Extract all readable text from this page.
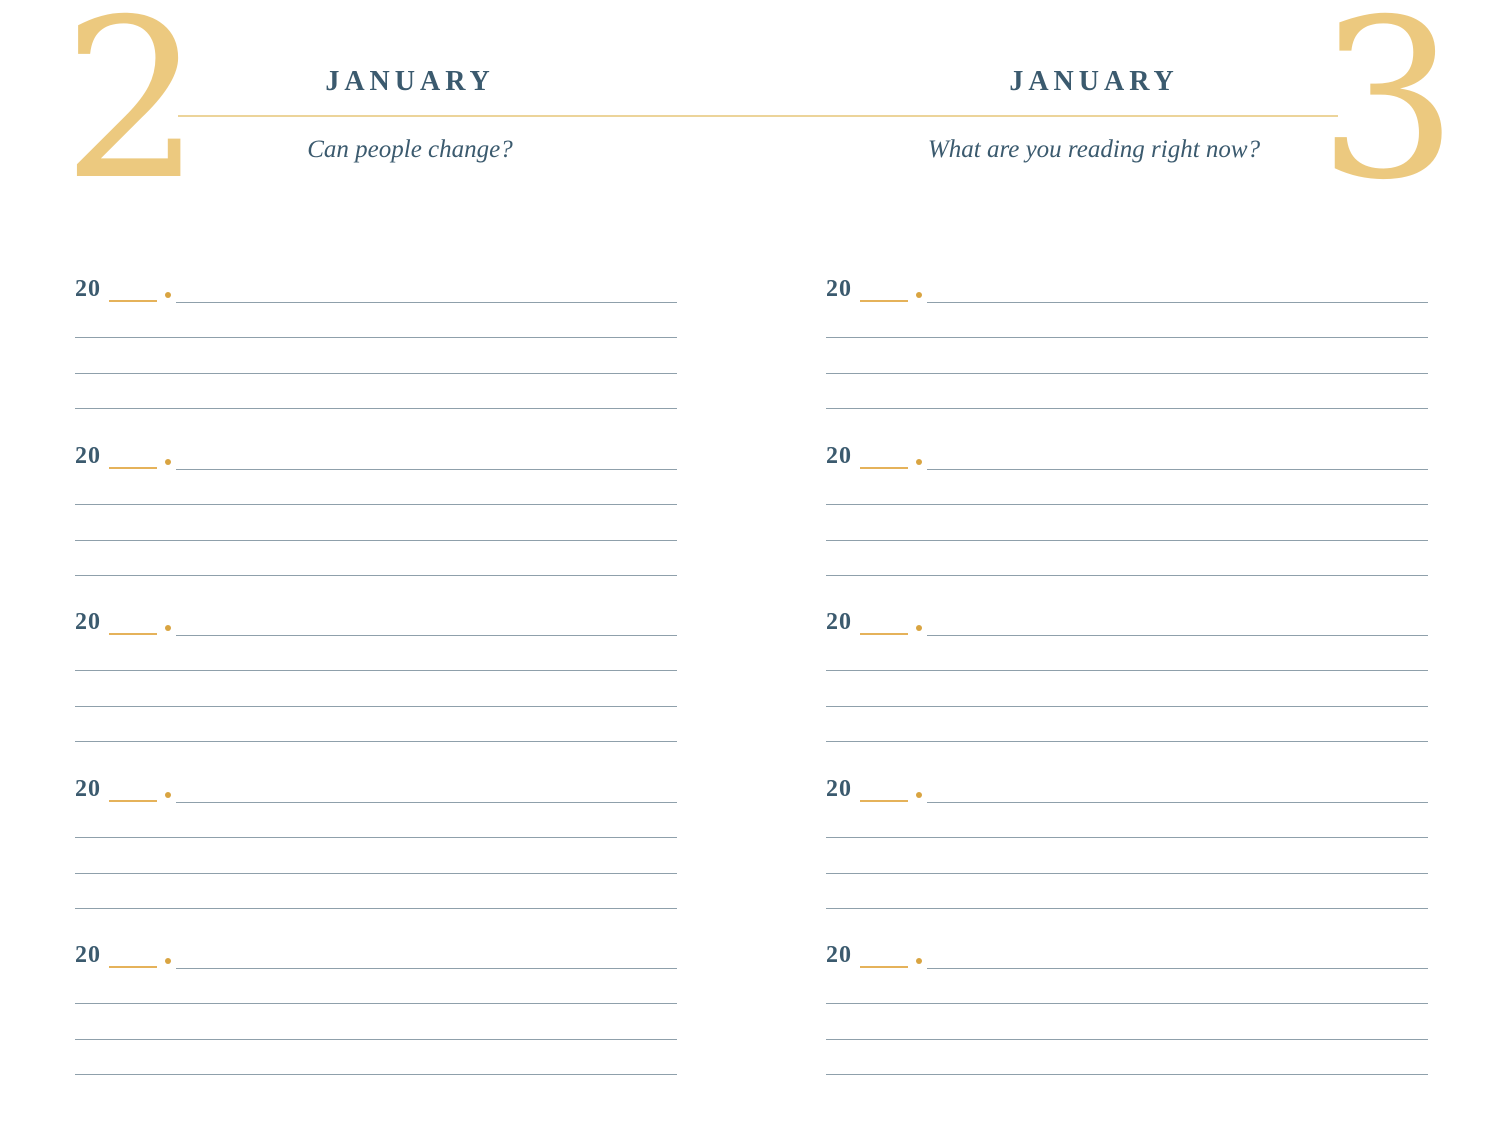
2	JANUARY
Can people change?
JANUARY
What are you reading right now? 3
20
20
20
20
20
20
20
20
20
20
